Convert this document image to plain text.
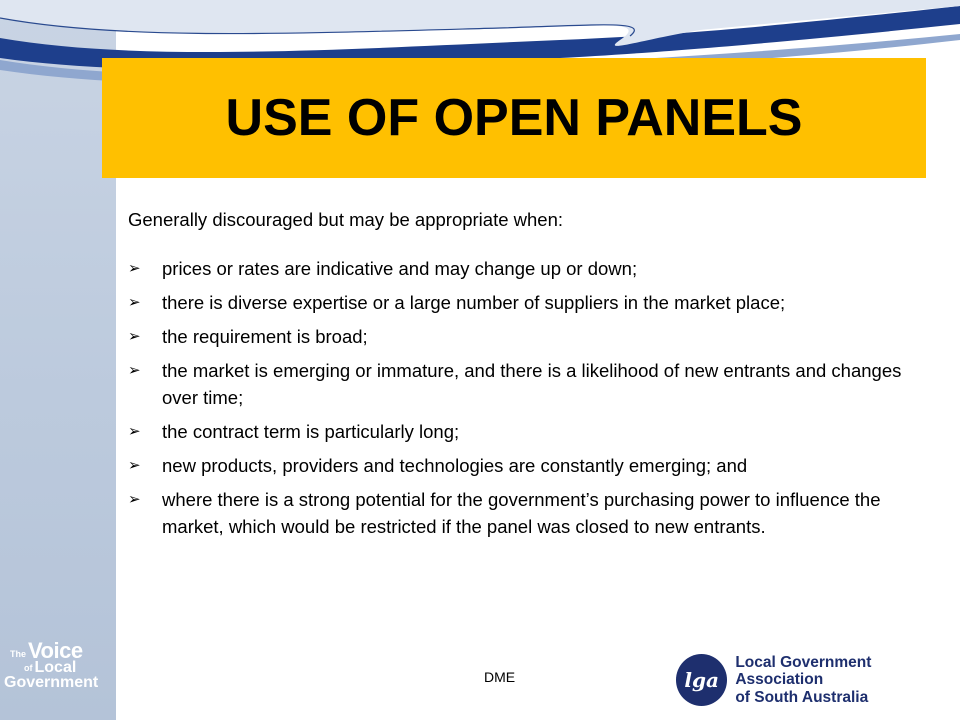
The Voice
of Local
Government
USE OF OPEN PANELS

Generally discouraged but may be appropriate when:

➢	prices or rates are indicative and may change up or down;
➢	there is diverse expertise or a large number of suppliers in the market place;
➢	the requirement is broad;
➢	the market is emerging or immature, and there is a likelihood of new entrants and changes over time;
➢	the contract term is particularly long;
➢	new products, providers and technologies are constantly emerging; and
➢	where there is a strong potential for the government’s purchasing power to influence the market, which would be restricted if the panel was closed to new entrants.
DME	lga
Local Government Association
of South Australia
